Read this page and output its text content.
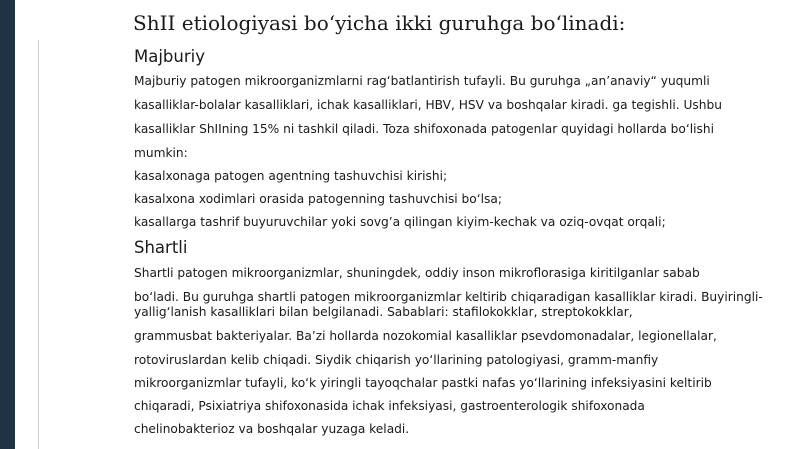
ShII etiologiyasi bo‘yicha ikki guruhga bo‘linadi:
Majburiy
Majburiy patogen mikroorganizmlarni rag‘batlantirish tufayli. Bu guruhga „an’anaviy“ yuqumli
kasalliklar-bolalar kasalliklari, ichak kasalliklari, HBV, HSV va boshqalar kiradi. ga tegishli. Ushbu
kasalliklar ShIIning 15% ni tashkil qiladi. Toza shifoxonada patogenlar quyidagi hollarda bo‘lishi
mumkin:
kasalxonaga patogen agentning tashuvchisi kirishi;
kasalxona xodimlari orasida patogenning tashuvchisi bo‘lsa;
kasallarga tashrif buyuruvchilar yoki sovg’a qilingan kiyim-kechak va oziq-ovqat orqali;
Shartli
Shartli patogen mikroorganizmlar, shuningdek, oddiy inson mikroflorasiga kiritilganlar sabab
bo‘ladi. Bu guruhga shartli patogen mikroorganizmlar keltirib chiqaradigan kasalliklar kiradi. Buyiringli-
yallig‘lanish kasalliklari bilan belgilanadi. Sabablari: stafilokokklar, streptokokklar,
grammusbat bakteriyalar. Ba’zi hollarda nozokomial kasalliklar psevdomonadalar, legionellalar,
rotoviruslardan kelib chiqadi. Siydik chiqarish yo‘llarining patologiyasi, gramm-manfiy
mikroorganizmlar tufayli, ko‘k yiringli tayoqchalar pastki nafas yo‘llarining infeksiyasini keltirib
chiqaradi, Psixiatriya shifoxonasida ichak infeksiyasi, gastroenterologik shifoxonada
chelinobakterioz va boshqalar yuzaga keladi.
